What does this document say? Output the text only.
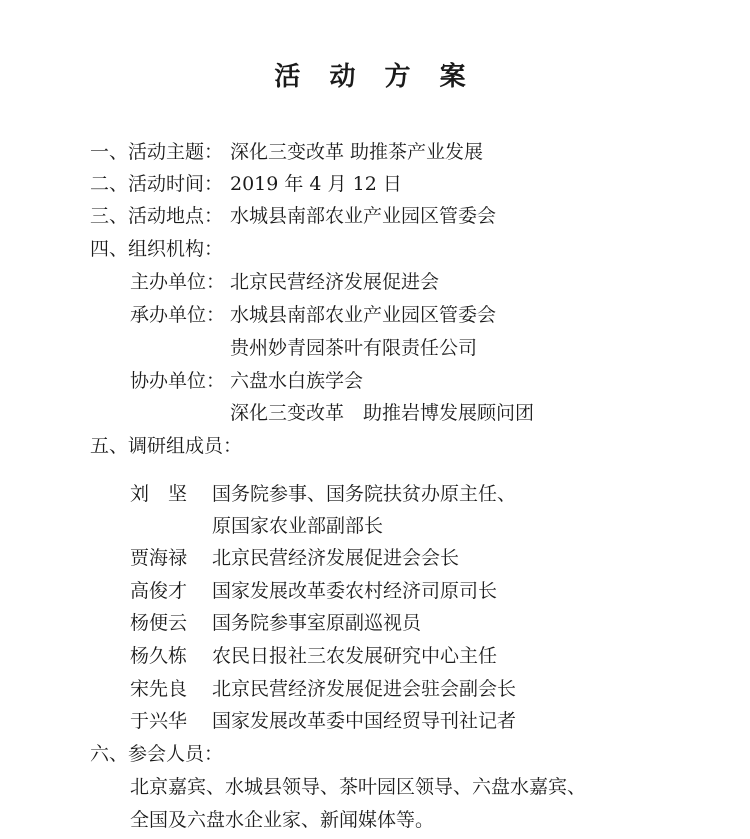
活 动 方 案
一、活动主题： 深化三变改革 助推茶产业发展
二、活动时间： 2019 年 4 月 12 日
三、活动地点： 水城县南部农业产业园区管委会
四、组织机构：
主办单位： 北京民营经济发展促进会
承办单位： 水城县南部农业产业园区管委会
贵州妙青园茶叶有限责任公司
协办单位： 六盘水白族学会
深化三变改革　助推岩博发展顾问团
五、调研组成员：
刘　坚 国务院参事、国务院扶贫办原主任、
原国家农业部副部长
贾海禄 北京民营经济发展促进会会长
高俊才 国家发展改革委农村经济司原司长
杨便云 国务院参事室原副巡视员
杨久栋 农民日报社三农发展研究中心主任
宋先良 北京民营经济发展促进会驻会副会长
于兴华 国家发展改革委中国经贸导刊社记者
六、参会人员：
北京嘉宾、水城县领导、茶叶园区领导、六盘水嘉宾、
全国及六盘水企业家、新闻媒体等。
